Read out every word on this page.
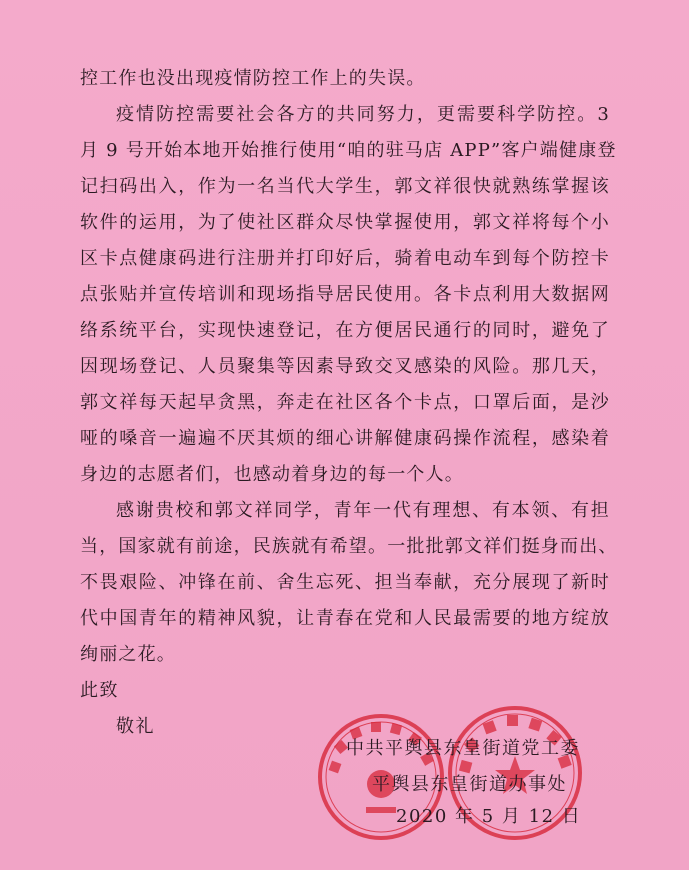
控工作也没出现疫情防控工作上的失误。
疫情防控需要社会各方的共同努力，更需要科学防控。3
月 9 号开始本地开始推行使用“咱的驻马店 APP”客户端健康登
记扫码出入，作为一名当代大学生，郭文祥很快就熟练掌握该
软件的运用，为了使社区群众尽快掌握使用，郭文祥将每个小
区卡点健康码进行注册并打印好后，骑着电动车到每个防控卡
点张贴并宣传培训和现场指导居民使用。各卡点利用大数据网
络系统平台，实现快速登记，在方便居民通行的同时，避免了
因现场登记、人员聚集等因素导致交叉感染的风险。那几天，
郭文祥每天起早贪黑，奔走在社区各个卡点，口罩后面，是沙
哑的嗓音一遍遍不厌其烦的细心讲解健康码操作流程，感染着
身边的志愿者们，也感动着身边的每一个人。
感谢贵校和郭文祥同学，青年一代有理想、有本领、有担
当，国家就有前途，民族就有希望。一批批郭文祥们挺身而出、
不畏艰险、冲锋在前、舍生忘死、担当奉献，充分展现了新时
代中国青年的精神风貌，让青春在党和人民最需要的地方绽放
绚丽之花。
此致
敬礼
中共平舆县东皇街道党工委
平舆县东皇街道办事处
2020 年 5 月 12 日
